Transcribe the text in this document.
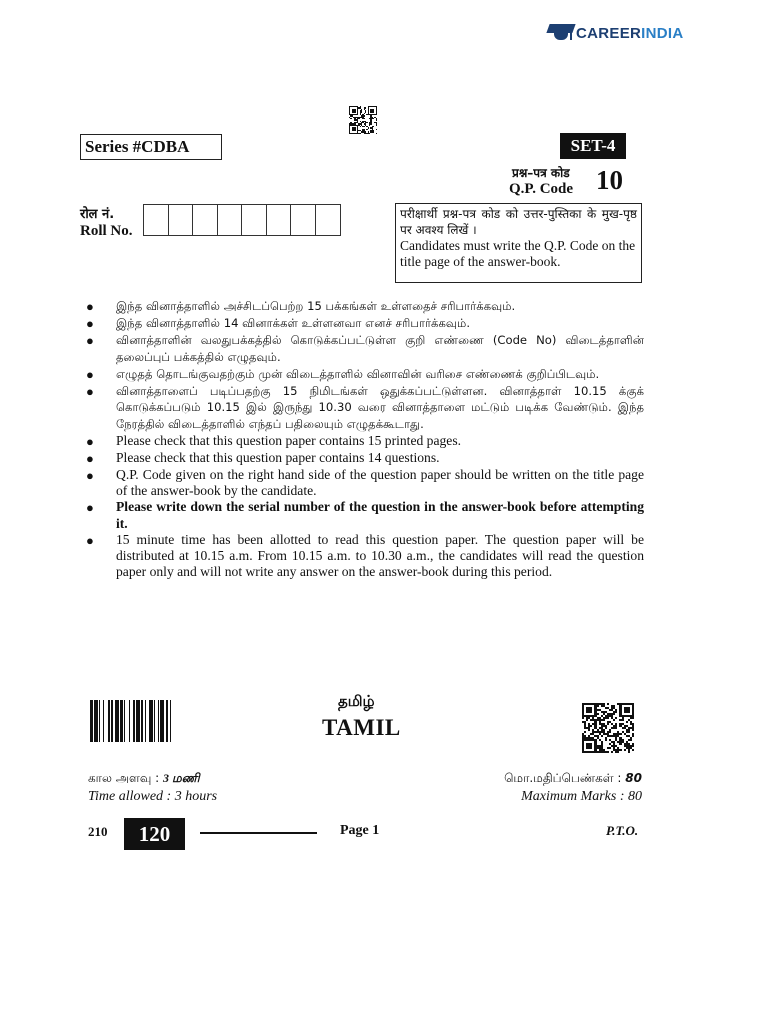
CAREERINDIA
Series #CDBA	SET-4
प्रश्न–पत्र कोड
Q.P. Code 10
रोल नं.
Roll No.
परीक्षार्थी प्रश्न-पत्र कोड को उत्तर-पुस्तिका के मुख-पृष्ठ पर अवश्य लिखें ।
Candidates must write the Q.P. Code on the title page of the answer-book.
●	இந்த வினாத்தாளில் அச்சிடப்பெற்ற 15 பக்கங்கள் உள்ளதைச் சரிபார்க்கவும்.
●	இந்த வினாத்தாளில் 14 வினாக்கள் உள்ளனவா எனச் சரிபார்க்கவும்.
●	வினாத்தாளின் வலதுபக்கத்தில் கொடுக்கப்பட்டுள்ள குறி எண்ணை (Code No) விடைத்தாளின் தலைப்புப் பக்கத்தில் எழுதவும்.
●	எழுதத் தொடங்குவதற்கும் முன் விடைத்தாளில் வினாவின் வரிசை எண்ணைக் குறிப்பிடவும்.
●	வினாத்தாளைப் படிப்பதற்கு 15 நிமிடங்கள் ஒதுக்கப்பட்டுள்ளன. வினாத்தாள் 10.15 க்குக் கொடுக்கப்படும் 10.15 இல் இருந்து 10.30 வரை வினாத்தாளை மட்டும் படிக்க வேண்டும். இந்த நேரத்தில் விடைத்தாளில் எந்தப் பதிலையும் எழுதக்கூடாது.
●	Please check that this question paper contains 15 printed pages.
●	Please check that this question paper contains 14 questions.
●	Q.P. Code given on the right hand side of the question paper should be written on the title page of the answer-book by the candidate.
●	Please write down the serial number of the question in the answer-book before attempting it.
●	15 minute time has been allotted to read this question paper. The question paper will be distributed at 10.15 a.m. From 10.15 a.m. to 10.30 a.m., the candidates will read the question paper only and will not write any answer on the answer-book during this period.
தமிழ்
TAMIL
கால அளவு : 3 மணி
Time allowed : 3 hours
மொ.மதிப்பெண்கள் : 80
Maximum Marks : 80
210	120	Page 1	P.T.O.
